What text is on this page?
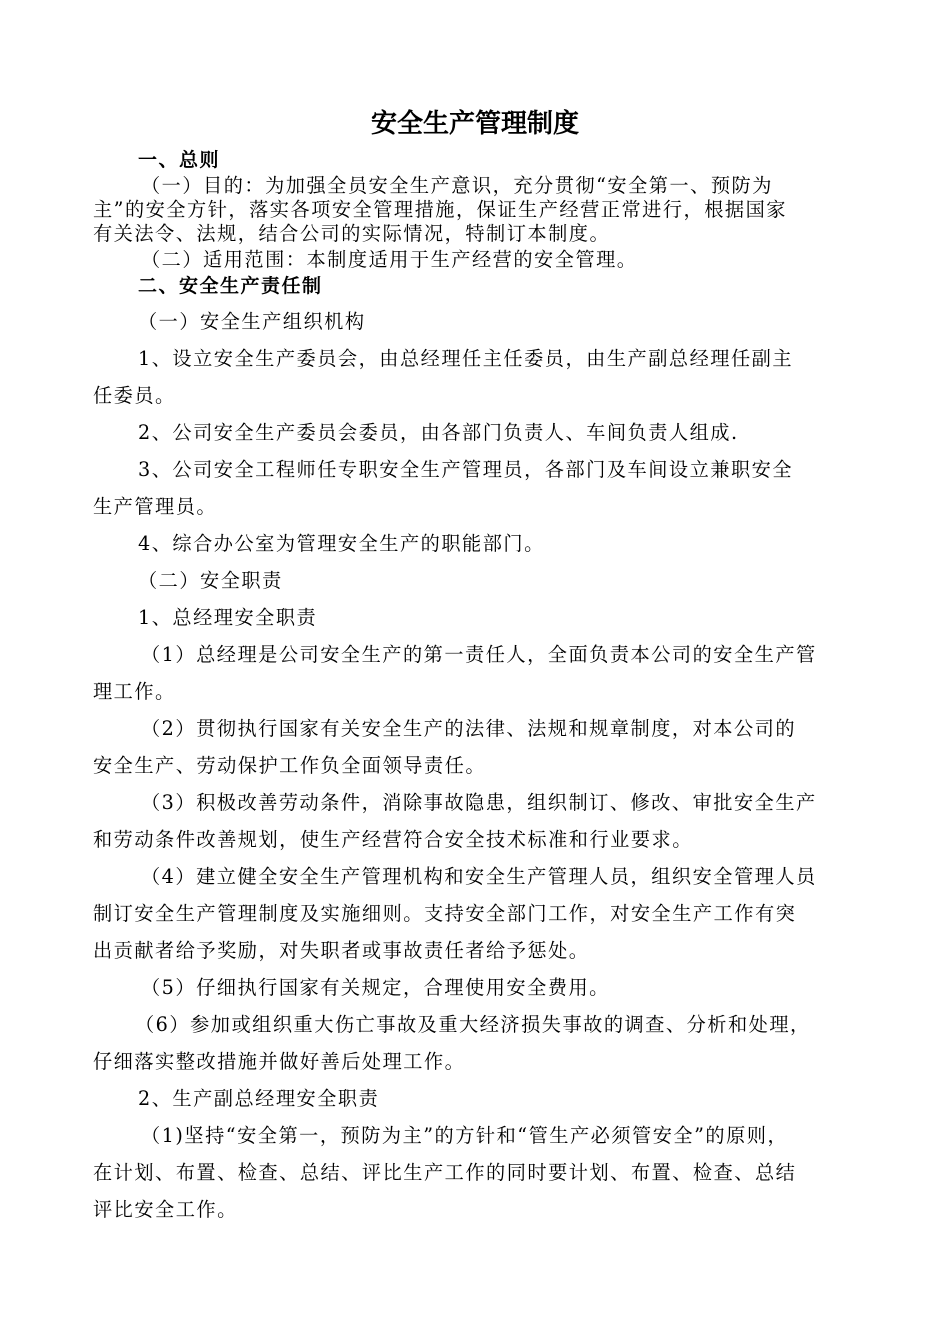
安全生产管理制度

一、总则

（一）目的：为加强全员安全生产意识，充分贯彻“安全第一、预防为
主”的安全方针，落实各项安全管理措施，保证生产经营正常进行，根据国家
有关法令、法规，结合公司的实际情况，特制订本制度。

（二）适用范围：本制度适用于生产经营的安全管理。

二、安全生产责任制

（一）安全生产组织机构
1、设立安全生产委员会，由总经理任主任委员，由生产副总经理任副主
任委员。
2、公司安全生产委员会委员，由各部门负责人、车间负责人组成.
3、公司安全工程师任专职安全生产管理员，各部门及车间设立兼职安全
生产管理员。
4、综合办公室为管理安全生产的职能部门。
（二）安全职责
1、总经理安全职责
（1）总经理是公司安全生产的第一责任人，全面负责本公司的安全生产管
理工作。
（2）贯彻执行国家有关安全生产的法律、法规和规章制度，对本公司的
安全生产、劳动保护工作负全面领导责任。
（3）积极改善劳动条件，消除事故隐患，组织制订、修改、审批安全生产
和劳动条件改善规划，使生产经营符合安全技术标准和行业要求。
（4）建立健全安全生产管理机构和安全生产管理人员，组织安全管理人员
制订安全生产管理制度及实施细则。支持安全部门工作，对安全生产工作有突
出贡献者给予奖励，对失职者或事故责任者给予惩处。
（5）仔细执行国家有关规定，合理使用安全费用。
（6）参加或组织重大伤亡事故及重大经济损失事故的调查、分析和处理，
仔细落实整改措施并做好善后处理工作。
2、生产副总经理安全职责
（1)坚持“安全第一，预防为主”的方针和“管生产必须管安全”的原则，
在计划、布置、检查、总结、评比生产工作的同时要计划、布置、检查、总结
评比安全工作。
